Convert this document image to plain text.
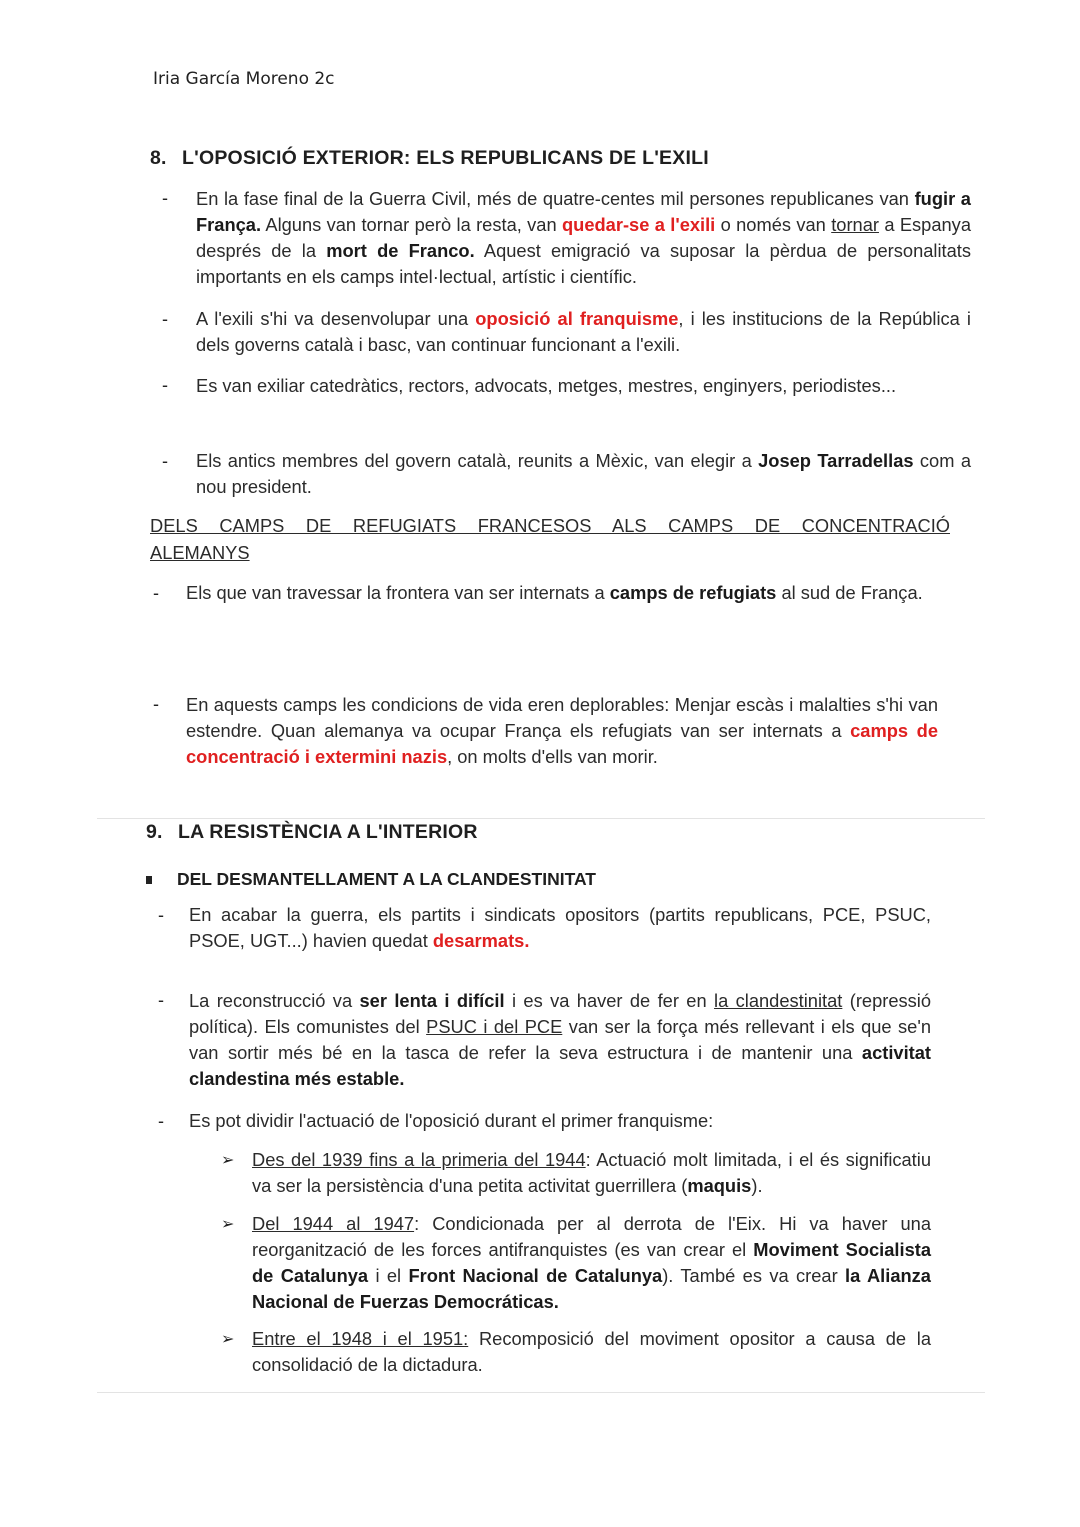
Iria García Moreno 2c
8. L'OPOSICIÓ EXTERIOR: ELS REPUBLICANS DE L'EXILI
- En la fase final de la Guerra Civil, més de quatre-centes mil persones republicanes van fugir a França. Alguns van tornar però la resta, van quedar-se a l'exili o només van tornar a Espanya després de la mort de Franco. Aquest emigració va suposar la pèrdua de personalitats importants en els camps intel·lectual, artístic i científic.
- A l'exili s'hi va desenvolupar una oposició al franquisme, i les institucions de la República i dels governs català i basc, van continuar funcionant a l'exili.
- Es van exiliar catedràtics, rectors, advocats, metges, mestres, enginyers, periodistes...
- Els antics membres del govern català, reunits a Mèxic, van elegir a Josep Tarradellas com a nou president.
DELS CAMPS DE REFUGIATS FRANCESOS ALS CAMPS DE CONCENTRACIÓ
ALEMANYS
- Els que van travessar la frontera van ser internats a camps de refugiats al sud de França.
- En aquests camps les condicions de vida eren deplorables: Menjar escàs i malalties s'hi van estendre. Quan alemanya va ocupar França els refugiats van ser internats a camps de concentració i extermini nazis, on molts d'ells van morir.
9. LA RESISTÈNCIA A L'INTERIOR
DEL DESMANTELLAMENT A LA CLANDESTINITAT
- En acabar la guerra, els partits i sindicats opositors (partits republicans, PCE, PSUC, PSOE, UGT...) havien quedat desarmats.
- La reconstrucció va ser lenta i difícil i es va haver de fer en la clandestinitat (repressió política). Els comunistes del PSUC i del PCE van ser la força més rellevant i els que se'n van sortir més bé en la tasca de refer la seva estructura i de mantenir una activitat clandestina més estable.
- Es pot dividir l'actuació de l'oposició durant el primer franquisme:
➢ Des del 1939 fins a la primeria del 1944: Actuació molt limitada, i el és significatiu va ser la persistència d'una petita activitat guerrillera (maquis).
➢ Del 1944 al 1947: Condicionada per al derrota de l'Eix. Hi va haver una reorganització de les forces antifranquistes (es van crear el Moviment Socialista de Catalunya i el Front Nacional de Catalunya). També es va crear la Alianza Nacional de Fuerzas Democráticas.
➢ Entre el 1948 i el 1951: Recomposició del moviment opositor a causa de la consolidació de la dictadura.
